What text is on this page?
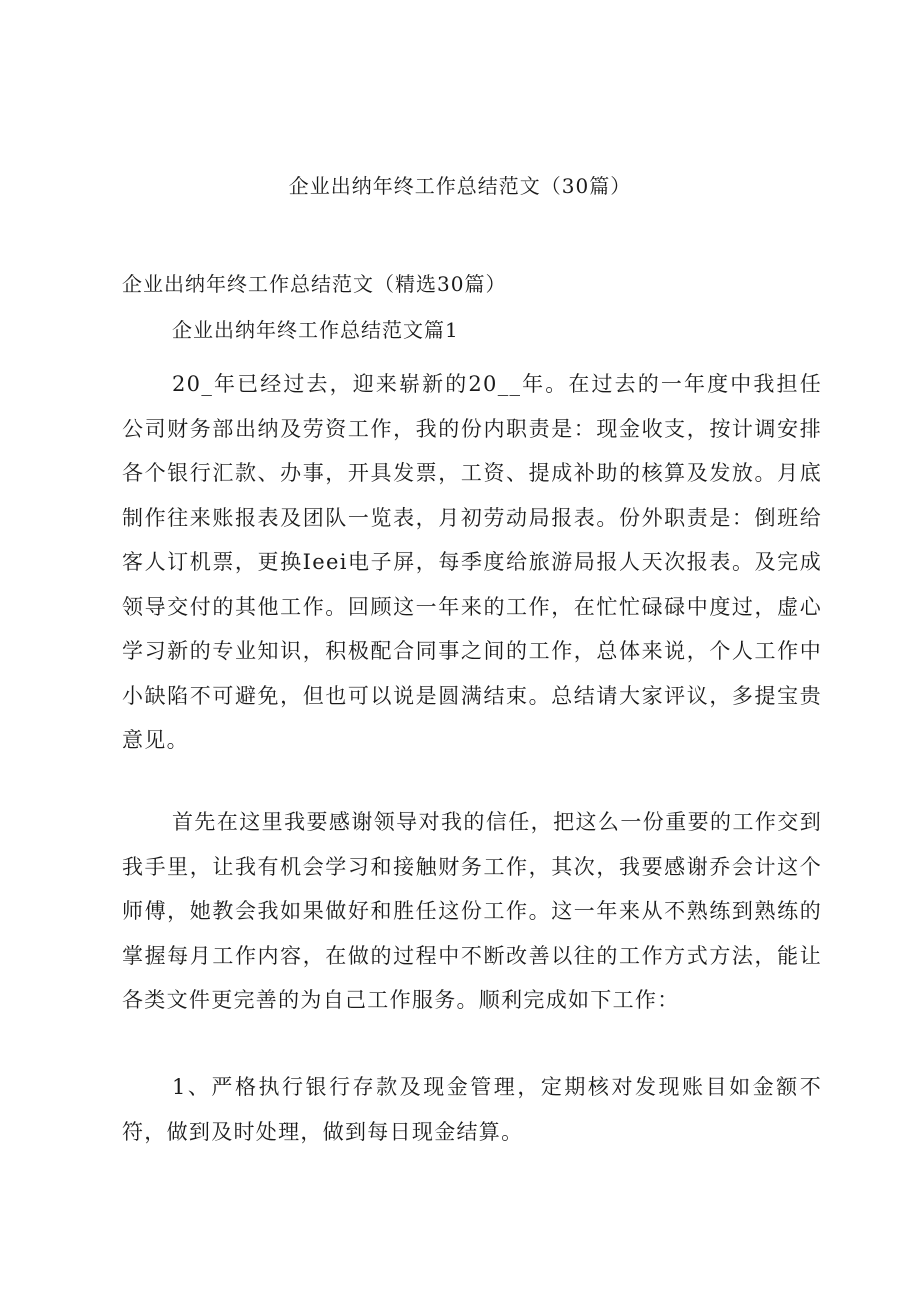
企业出纳年终工作总结范文（30篇）

企业出纳年终工作总结范文（精选30篇）

企业出纳年终工作总结范文篇1

20_年已经过去，迎来崭新的20__年。在过去的一年度中我担任公司财务部出纳及劳资工作，我的份内职责是：现金收支，按计调安排各个银行汇款、办事，开具发票，工资、提成补助的核算及发放。月底制作往来账报表及团队一览表，月初劳动局报表。份外职责是：倒班给客人订机票，更换Ieei电子屏，每季度给旅游局报人天次报表。及完成领导交付的其他工作。回顾这一年来的工作，在忙忙碌碌中度过，虚心学习新的专业知识，积极配合同事之间的工作，总体来说，个人工作中小缺陷不可避免，但也可以说是圆满结束。总结请大家评议，多提宝贵意见。

首先在这里我要感谢领导对我的信任，把这么一份重要的工作交到我手里，让我有机会学习和接触财务工作，其次，我要感谢乔会计这个师傅，她教会我如果做好和胜任这份工作。这一年来从不熟练到熟练的掌握每月工作内容，在做的过程中不断改善以往的工作方式方法，能让各类文件更完善的为自己工作服务。顺利完成如下工作：

1、严格执行银行存款及现金管理，定期核对发现账目如金额不符，做到及时处理，做到每日现金结算。
